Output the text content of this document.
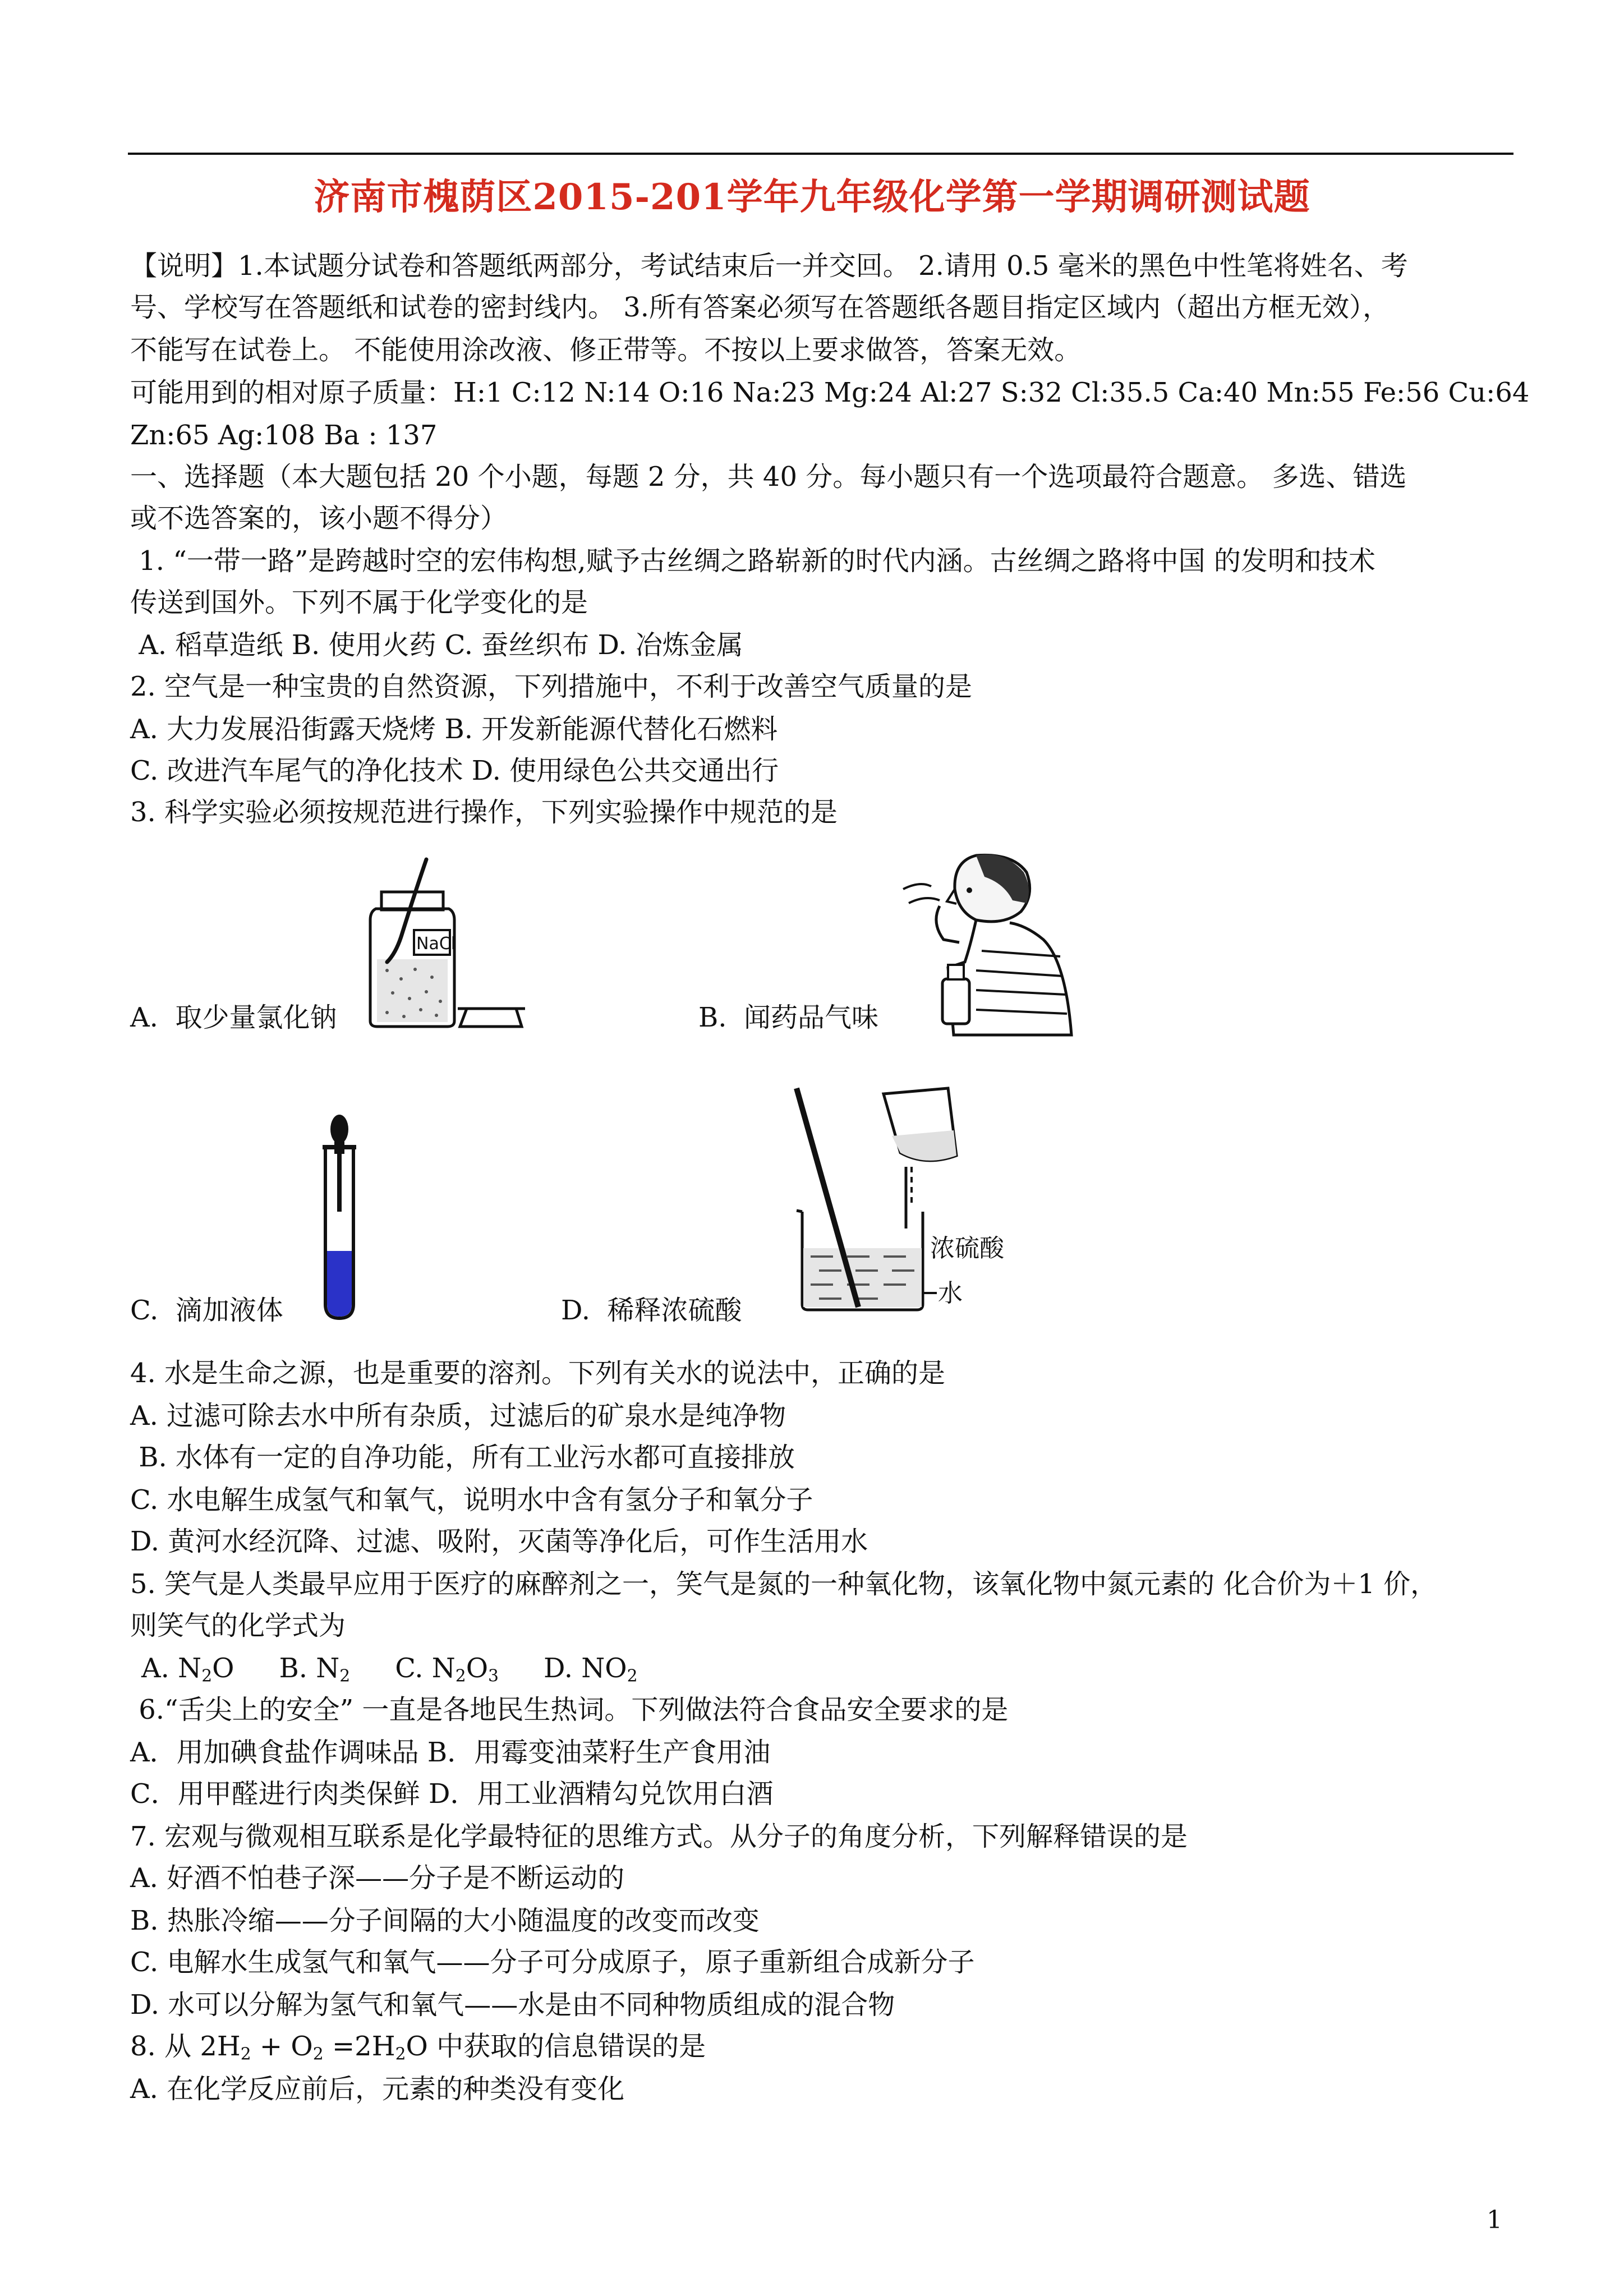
济南市槐荫区2015-201学年九年级化学第一学期调研测试题
【说明】1.本试题分试卷和答题纸两部分，考试结束后一并交回。 2.请用 0.5 毫米的黑色中性笔将姓名、考
号、学校写在答题纸和试卷的密封线内。 3.所有答案必须写在答题纸各题目指定区域内（超出方框无效），
不能写在试卷上。 不能使用涂改液、修正带等。不按以上要求做答，答案无效。
可能用到的相对原子质量：H:1 C:12 N:14 O:16 Na:23 Mg:24 Al:27 S:32 Cl:35.5 Ca:40 Mn:55 Fe:56 Cu:64
Zn:65 Ag:108 Ba : 137
一、选择题（本大题包括 20 个小题，每题 2 分，共 40 分。每小题只有一个选项最符合题意。 多选、错选
或不选答案的，该小题不得分）
1. “一带一路”是跨越时空的宏伟构想,赋予古丝绸之路崭新的时代内涵。古丝绸之路将中国 的发明和技术
传送到国外。下列不属于化学变化的是
A. 稻草造纸 B. 使用火药 C. 蚕丝织布 D. 冶炼金属
2. 空气是一种宝贵的自然资源，下列措施中，不利于改善空气质量的是
A. 大力发展沿街露天烧烤 B. 开发新能源代替化石燃料
C. 改进汽车尾气的净化技术 D. 使用绿色公共交通出行
3. 科学实验必须按规范进行操作，下列实验操作中规范的是
NaCl
A.  取少量氯化钠	B.  闻药品气味
C.  滴加液体
浓硫酸
水
D.  稀释浓硫酸
4. 水是生命之源，也是重要的溶剂。下列有关水的说法中，正确的是
A. 过滤可除去水中所有杂质，过滤后的矿泉水是纯净物
B. 水体有一定的自净功能，所有工业污水都可直接排放
C. 水电解生成氢气和氧气，说明水中含有氢分子和氧分子
D. 黄河水经沉降、过滤、吸附，灭菌等净化后，可作生活用水
5. 笑气是人类最早应用于医疗的麻醉剂之一，笑气是氮的一种氧化物，该氧化物中氮元素的 化合价为＋1 价，
则笑气的化学式为
A. $N_2O$ B. $N_2$ C. $N_2O_3$ D. $NO_2$
6.“舌尖上的安全” 一直是各地民生热词。下列做法符合食品安全要求的是
A．用加碘食盐作调味品 B．用霉变油菜籽生产食用油
C．用甲醛进行肉类保鲜 D．用工业酒精勾兑饮用白酒
7. 宏观与微观相互联系是化学最特征的思维方式。从分子的角度分析，下列解释错误的是
A. 好酒不怕巷子深——分子是不断运动的
B. 热胀冷缩——分子间隔的大小随温度的改变而改变
C. 电解水生成氢气和氧气——分子可分成原子，原子重新组合成新分子
D. 水可以分解为氢气和氧气——水是由不同种物质组成的混合物
8. 从 $2H_2 + O_2 =2H_2O$ 中获取的信息错误的是
A. 在化学反应前后，元素的种类没有变化
1
